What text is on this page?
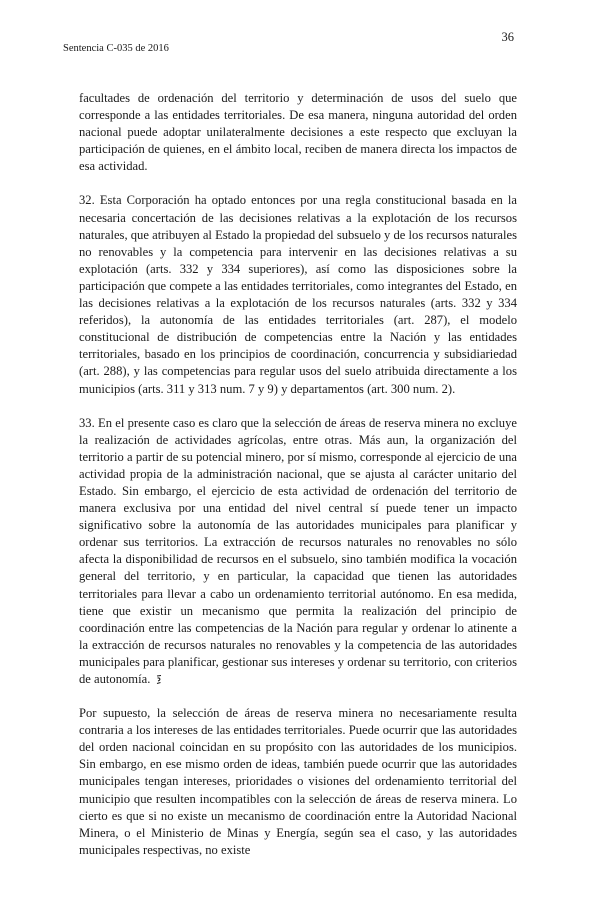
36
Sentencia C-035 de 2016

facultades de ordenación del territorio y determinación de usos del suelo que corresponde a las entidades territoriales. De esa manera, ninguna autoridad del orden nacional puede adoptar unilateralmente decisiones a este respecto que excluyan la participación de quienes, en el ámbito local, reciben de manera directa los impactos de esa actividad.

32. Esta Corporación ha optado entonces por una regla constitucional basada en la necesaria concertación de las decisiones relativas a la explotación de los recursos naturales, que atribuyen al Estado la propiedad del subsuelo y de los recursos naturales no renovables y la competencia para intervenir en las decisiones relativas a su explotación (arts. 332 y 334 superiores), así como las disposiciones sobre la participación que compete a las entidades territoriales, como integrantes del Estado, en las decisiones relativas a la explotación de los recursos naturales (arts. 332 y 334 referidos), la autonomía de las entidades territoriales (art. 287), el modelo constitucional de distribución de competencias entre la Nación y las entidades territoriales, basado en los principios de coordinación, concurrencia y subsidiariedad (art. 288), y las competencias para regular usos del suelo atribuida directamente a los municipios (arts. 311 y 313 num. 7 y 9) y departamentos (art. 300 num. 2).

33. En el presente caso es claro que la selección de áreas de reserva minera no excluye la realización de actividades agrícolas, entre otras. Más aun, la organización del territorio a partir de su potencial minero, por sí mismo, corresponde al ejercicio de una actividad propia de la administración nacional, que se ajusta al carácter unitario del Estado. Sin embargo, el ejercicio de esta actividad de ordenación del territorio de manera exclusiva por una entidad del nivel central sí puede tener un impacto significativo sobre la autonomía de las autoridades municipales para planificar y ordenar sus territorios. La extracción de recursos naturales no renovables no sólo afecta la disponibilidad de recursos en el subsuelo, sino también modifica la vocación general del territorio, y en particular, la capacidad que tienen las autoridades territoriales para llevar a cabo un ordenamiento territorial autónomo. En esa medida, tiene que existir un mecanismo que permita la realización del principio de coordinación entre las competencias de la Nación para regular y ordenar lo atinente a la extracción de recursos naturales no renovables y la competencia de las autoridades municipales para planificar, gestionar sus intereses y ordenar su territorio, con criterios de autonomía.

Por supuesto, la selección de áreas de reserva minera no necesariamente resulta contraria a los intereses de las entidades territoriales. Puede ocurrir que las autoridades del orden nacional coincidan en su propósito con las autoridades de los municipios. Sin embargo, en ese mismo orden de ideas, también puede ocurrir que las autoridades municipales tengan intereses, prioridades o visiones del ordenamiento territorial del municipio que resulten incompatibles con la selección de áreas de reserva minera. Lo cierto es que si no existe un mecanismo de coordinación entre la Autoridad Nacional Minera, o el Ministerio de Minas y Energía, según sea el caso, y las autoridades municipales respectivas, no existe
